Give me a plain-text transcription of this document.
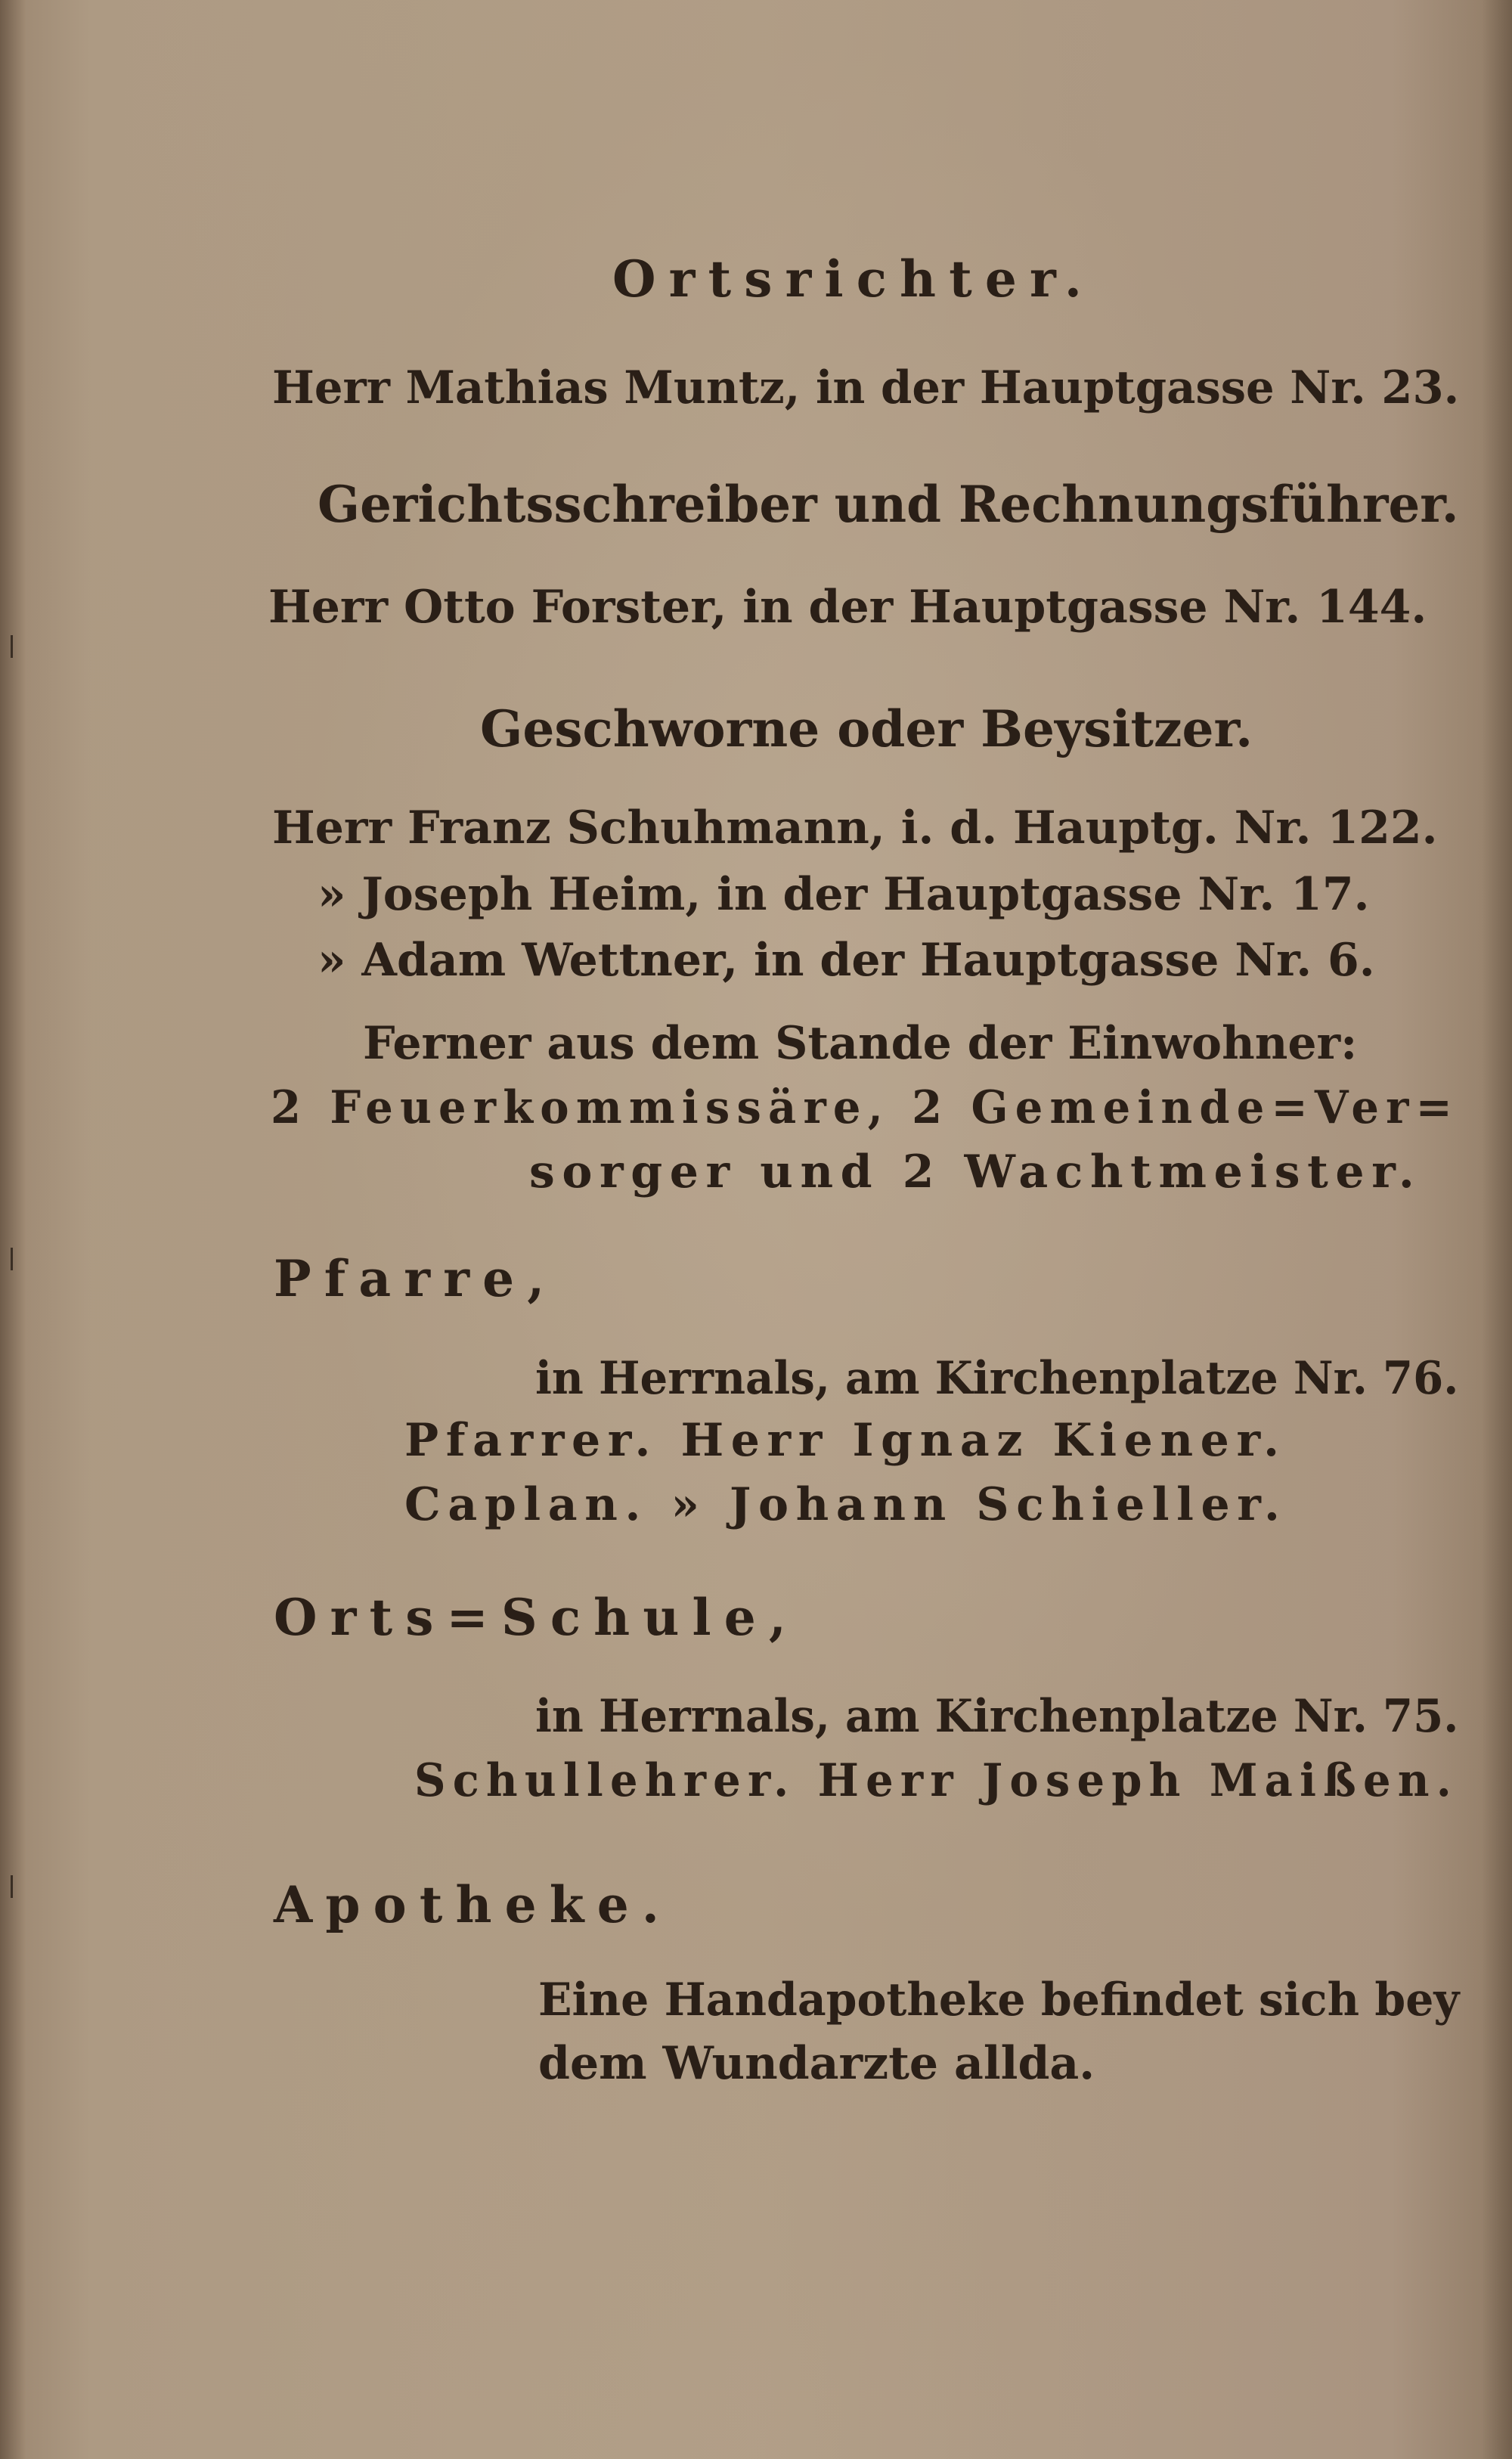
Ortsrichter.
Herr Mathias Muntz, in der Hauptgasse Nr. 23.
Gerichtsschreiber und Rechnungsführer.
Herr Otto Forster, in der Hauptgasse Nr. 144.
Geschworne oder Beysitzer.
Herr Franz Schuhmann, i. d. Hauptg. Nr. 122.
» Joseph Heim, in der Hauptgasse Nr. 17.
» Adam Wettner, in der Hauptgasse Nr. 6.
Ferner aus dem Stande der Einwohner:
2 Feuerkommissäre, 2 Gemeinde=Ver=
sorger und 2 Wachtmeister.
Pfarre,
in Herrnals, am Kirchenplatze Nr. 76.
Pfarrer. Herr Ignaz Kiener.
Caplan. » Johann Schieller.
Orts=Schule,
in Herrnals, am Kirchenplatze Nr. 75.
Schullehrer. Herr Joseph Maißen.
Apotheke.
Eine Handapotheke befindet sich bey
dem Wundarzte allda.
